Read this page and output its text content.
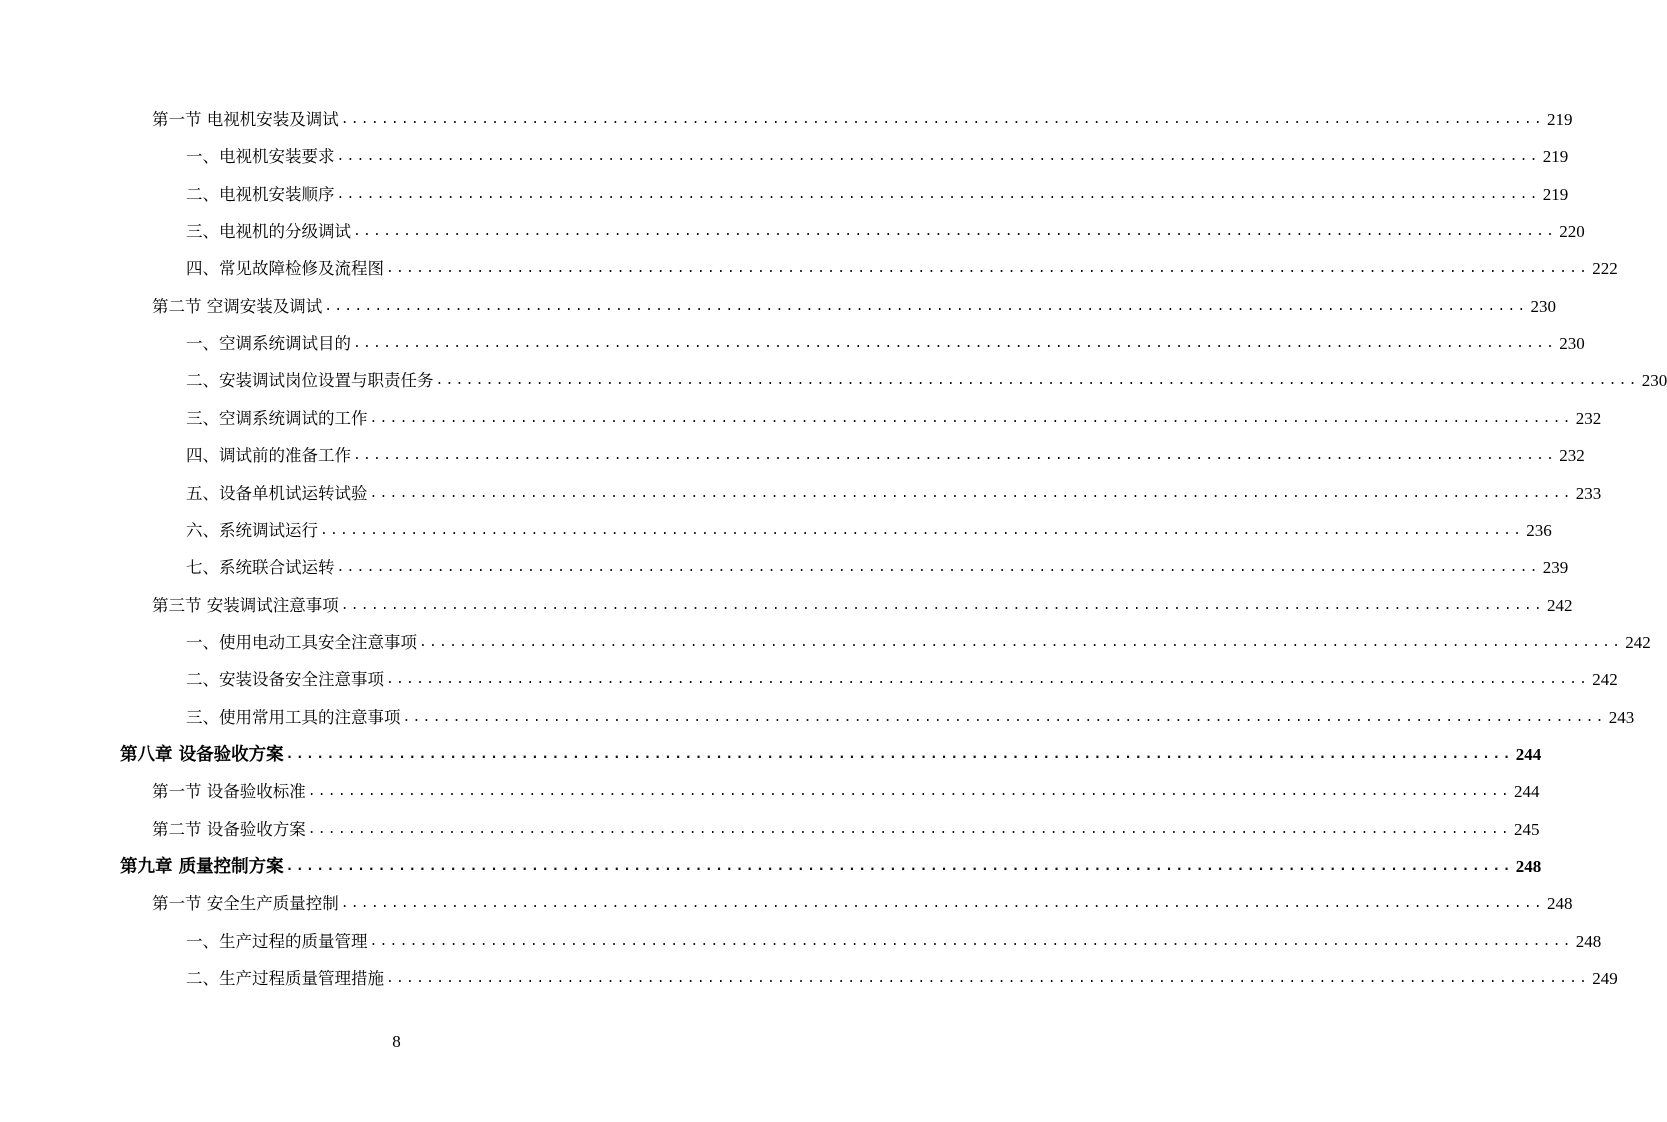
第一节 电视机安装及调试 ........................................................................................................................ 219
一、电视机安装要求 ........................................................................................................................ 219
二、电视机安装顺序 ........................................................................................................................ 219
三、电视机的分级调试 ........................................................................................................................ 220
四、常见故障检修及流程图 ........................................................................................................................ 222
第二节 空调安装及调试 ........................................................................................................................ 230
一、空调系统调试目的 ........................................................................................................................ 230
二、安装调试岗位设置与职责任务 ........................................................................................................................ 230
三、空调系统调试的工作 ........................................................................................................................ 232
四、调试前的准备工作 ........................................................................................................................ 232
五、设备单机试运转试验 ........................................................................................................................ 233
六、系统调试运行 ........................................................................................................................ 236
七、系统联合试运转 ........................................................................................................................ 239
第三节 安装调试注意事项 ........................................................................................................................ 242
一、使用电动工具安全注意事项 ........................................................................................................................ 242
二、安装设备安全注意事项 ........................................................................................................................ 242
三、使用常用工具的注意事项 ........................................................................................................................ 243
第八章 设备验收方案 ........................................................................................................................ 244
第一节 设备验收标准 ........................................................................................................................ 244
第二节 设备验收方案 ........................................................................................................................ 245
第九章 质量控制方案 ........................................................................................................................ 248
第一节 安全生产质量控制 ........................................................................................................................ 248
一、生产过程的质量管理 ........................................................................................................................ 248
二、生产过程质量管理措施 ........................................................................................................................ 249
8
